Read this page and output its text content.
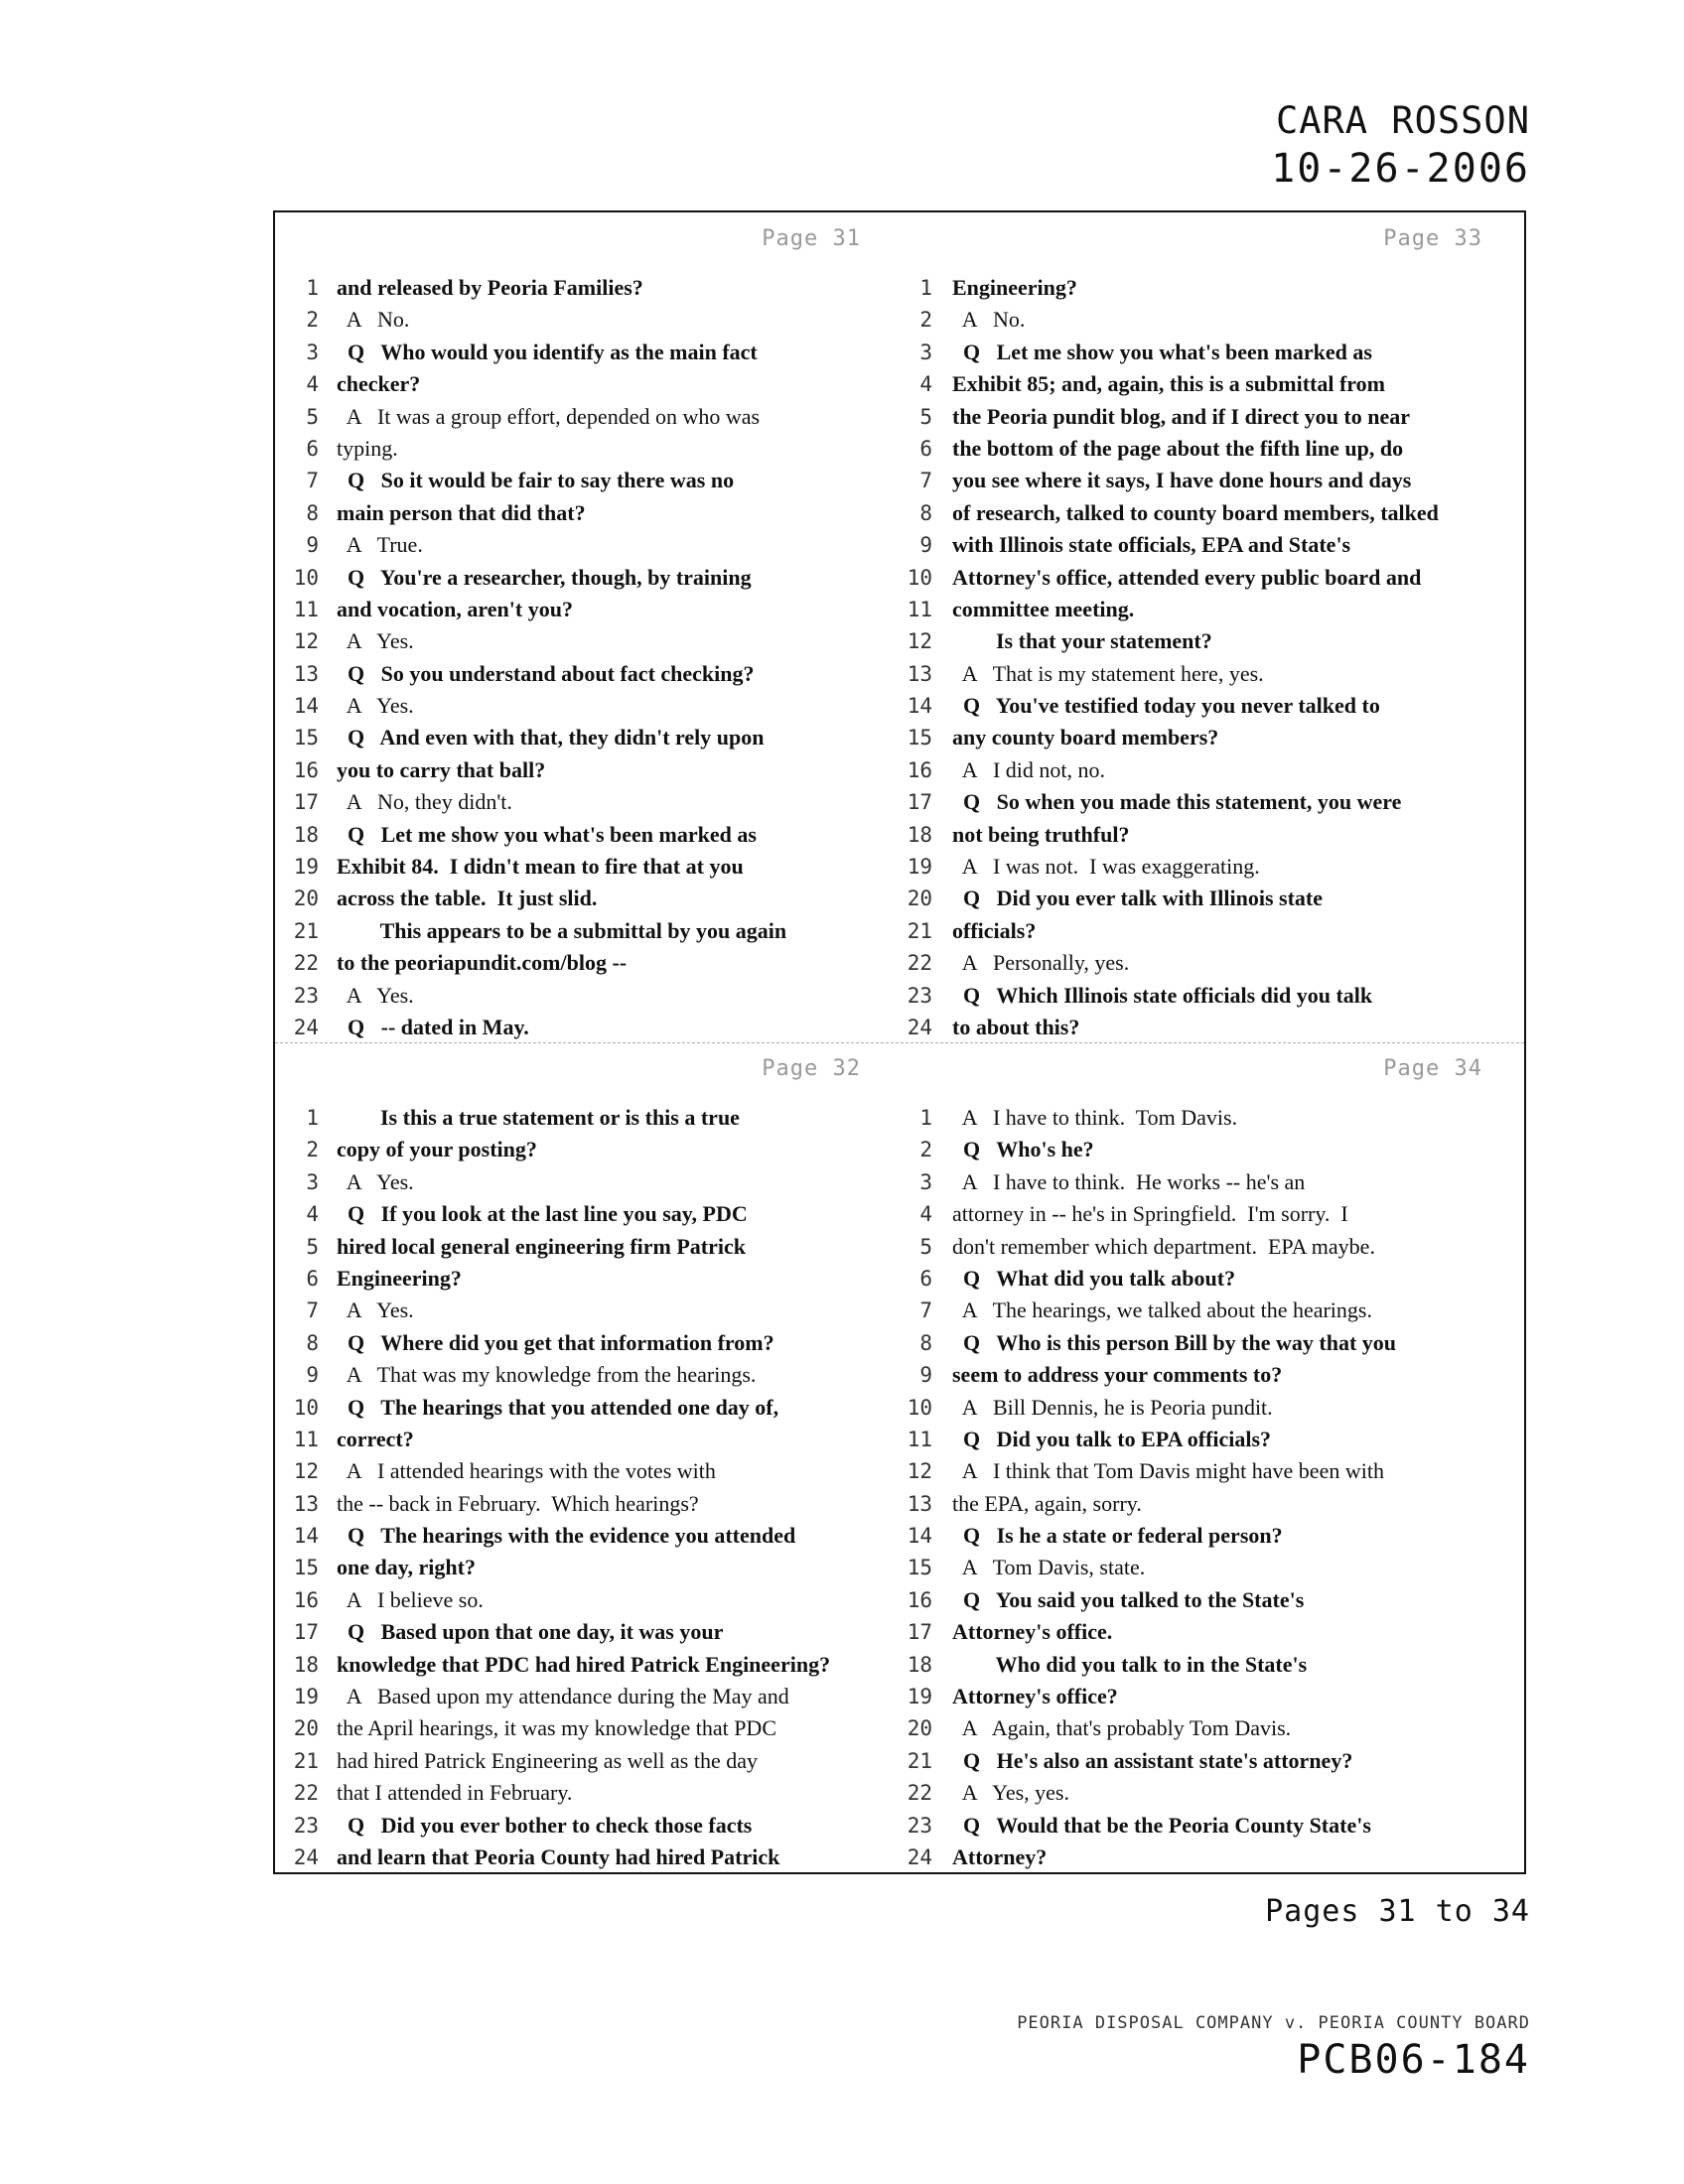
CARA ROSSON
10-26-2006
Page 31
1 and released by Peoria Families?
2 A   No.
3 Q   Who would you identify as the main fact
4 checker?
5 A   It was a group effort, depended on who was
6 typing.
7 Q   So it would be fair to say there was no
8 main person that did that?
9 A   True.
10 Q   You're a researcher, though, by training
11 and vocation, aren't you?
12 A   Yes.
13 Q   So you understand about fact checking?
14 A   Yes.
15 Q   And even with that, they didn't rely upon
16 you to carry that ball?
17 A   No, they didn't.
18 Q   Let me show you what's been marked as
19 Exhibit 84.  I didn't mean to fire that at you
20 across the table.  It just slid.
21 This appears to be a submittal by you again
22 to the peoriapundit.com/blog --
23 A   Yes.
24 Q   -- dated in May.
Page 33
1 Engineering?
2 A   No.
3 Q   Let me show you what's been marked as
4 Exhibit 85; and, again, this is a submittal from
5 the Peoria pundit blog, and if I direct you to near
6 the bottom of the page about the fifth line up, do
7 you see where it says, I have done hours and days
8 of research, talked to county board members, talked
9 with Illinois state officials, EPA and State's
10 Attorney's office, attended every public board and
11 committee meeting.
12 Is that your statement?
13 A   That is my statement here, yes.
14 Q   You've testified today you never talked to
15 any county board members?
16 A   I did not, no.
17 Q   So when you made this statement, you were
18 not being truthful?
19 A   I was not.  I was exaggerating.
20 Q   Did you ever talk with Illinois state
21 officials?
22 A   Personally, yes.
23 Q   Which Illinois state officials did you talk
24 to about this?
Page 32
1 Is this a true statement or is this a true
2 copy of your posting?
3 A   Yes.
4 Q   If you look at the last line you say, PDC
5 hired local general engineering firm Patrick
6 Engineering?
7 A   Yes.
8 Q   Where did you get that information from?
9 A   That was my knowledge from the hearings.
10 Q   The hearings that you attended one day of,
11 correct?
12 A   I attended hearings with the votes with
13 the -- back in February.  Which hearings?
14 Q   The hearings with the evidence you attended
15 one day, right?
16 A   I believe so.
17 Q   Based upon that one day, it was your
18 knowledge that PDC had hired Patrick Engineering?
19 A   Based upon my attendance during the May and
20 the April hearings, it was my knowledge that PDC
21 had hired Patrick Engineering as well as the day
22 that I attended in February.
23 Q   Did you ever bother to check those facts
24 and learn that Peoria County had hired Patrick
Page 34
1 A   I have to think.  Tom Davis.
2 Q   Who's he?
3 A   I have to think.  He works -- he's an
4 attorney in -- he's in Springfield.  I'm sorry.  I
5 don't remember which department.  EPA maybe.
6 Q   What did you talk about?
7 A   The hearings, we talked about the hearings.
8 Q   Who is this person Bill by the way that you
9 seem to address your comments to?
10 A   Bill Dennis, he is Peoria pundit.
11 Q   Did you talk to EPA officials?
12 A   I think that Tom Davis might have been with
13 the EPA, again, sorry.
14 Q   Is he a state or federal person?
15 A   Tom Davis, state.
16 Q   You said you talked to the State's
17 Attorney's office.
18 Who did you talk to in the State's
19 Attorney's office?
20 A   Again, that's probably Tom Davis.
21 Q   He's also an assistant state's attorney?
22 A   Yes, yes.
23 Q   Would that be the Peoria County State's
24 Attorney?
Pages 31 to 34
PEORIA DISPOSAL COMPANY v. PEORIA COUNTY BOARD
PCB06-184
